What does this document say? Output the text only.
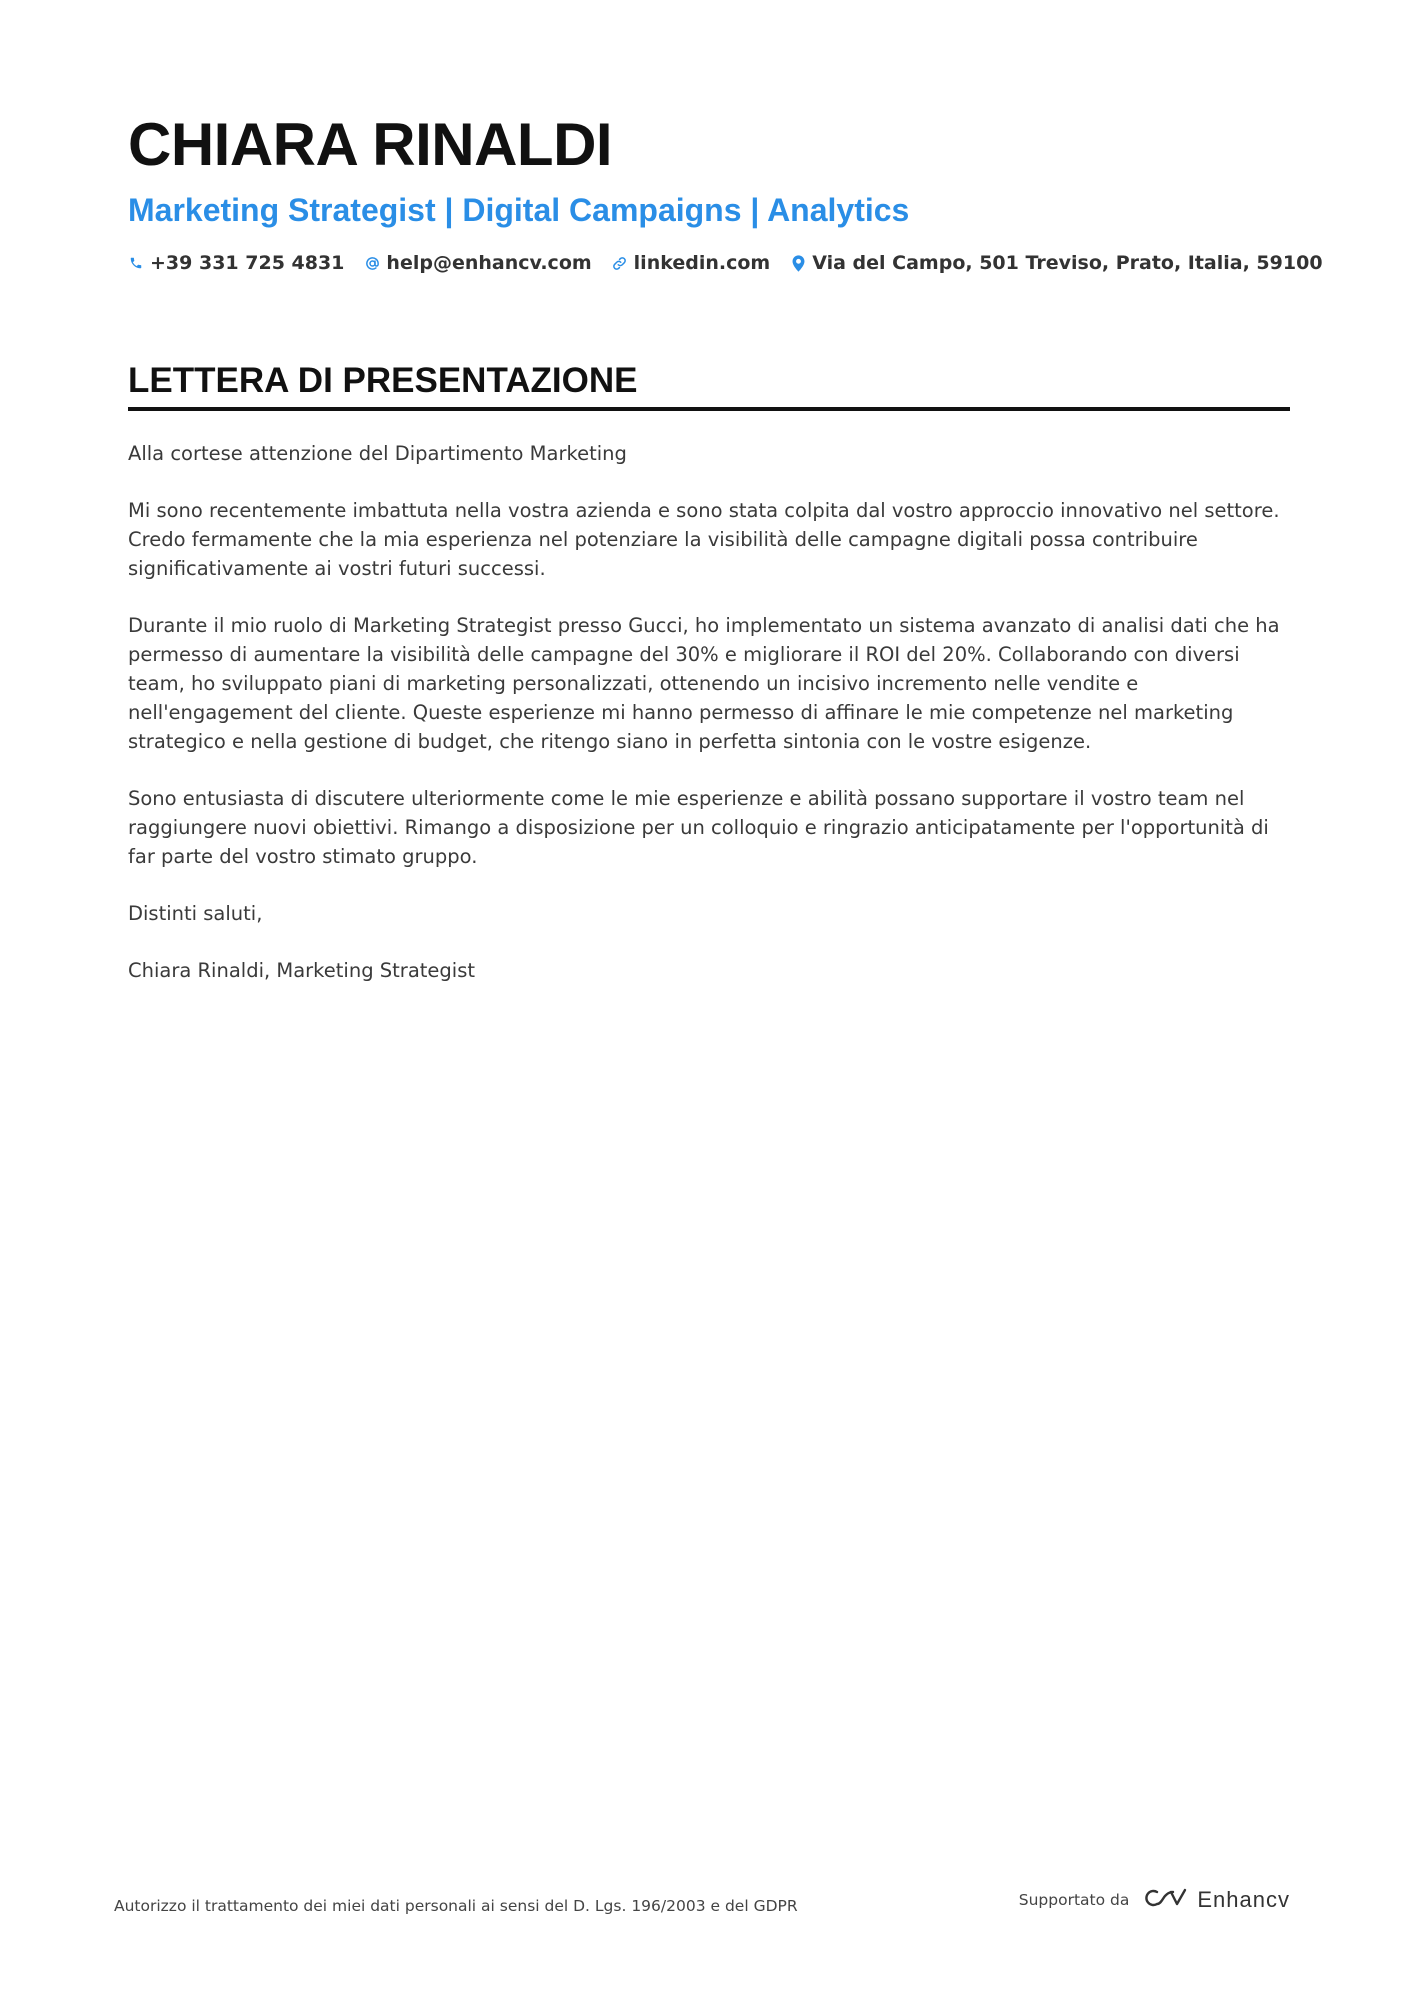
CHIARA RINALDI
Marketing Strategist | Digital Campaigns | Analytics
+39 331 725 4831 help@enhancv.com linkedin.com Via del Campo, 501 Treviso, Prato, Italia, 59100
LETTERA DI PRESENTAZIONE

Alla cortese attenzione del Dipartimento Marketing

Mi sono recentemente imbattuta nella vostra azienda e sono stata colpita dal vostro approccio innovativo nel settore. Credo fermamente che la mia esperienza nel potenziare la visibilità delle campagne digitali possa contribuire significativamente ai vostri futuri successi.

Durante il mio ruolo di Marketing Strategist presso Gucci, ho implementato un sistema avanzato di analisi dati che ha permesso di aumentare la visibilità delle campagne del 30% e migliorare il ROI del 20%. Collaborando con diversi team, ho sviluppato piani di marketing personalizzati, ottenendo un incisivo incremento nelle vendite e nell'engagement del cliente. Queste esperienze mi hanno permesso di affinare le mie competenze nel marketing strategico e nella gestione di budget, che ritengo siano in perfetta sintonia con le vostre esigenze.

Sono entusiasta di discutere ulteriormente come le mie esperienze e abilità possano supportare il vostro team nel raggiungere nuovi obiettivi. Rimango a disposizione per un colloquio e ringrazio anticipatamente per l'opportunità di far parte del vostro stimato gruppo.

Distinti saluti,

Chiara Rinaldi, Marketing Strategist

Autorizzo il trattamento dei miei dati personali ai sensi del D. Lgs. 196/2003 e del GDPR	Supportato da	Enhancv
